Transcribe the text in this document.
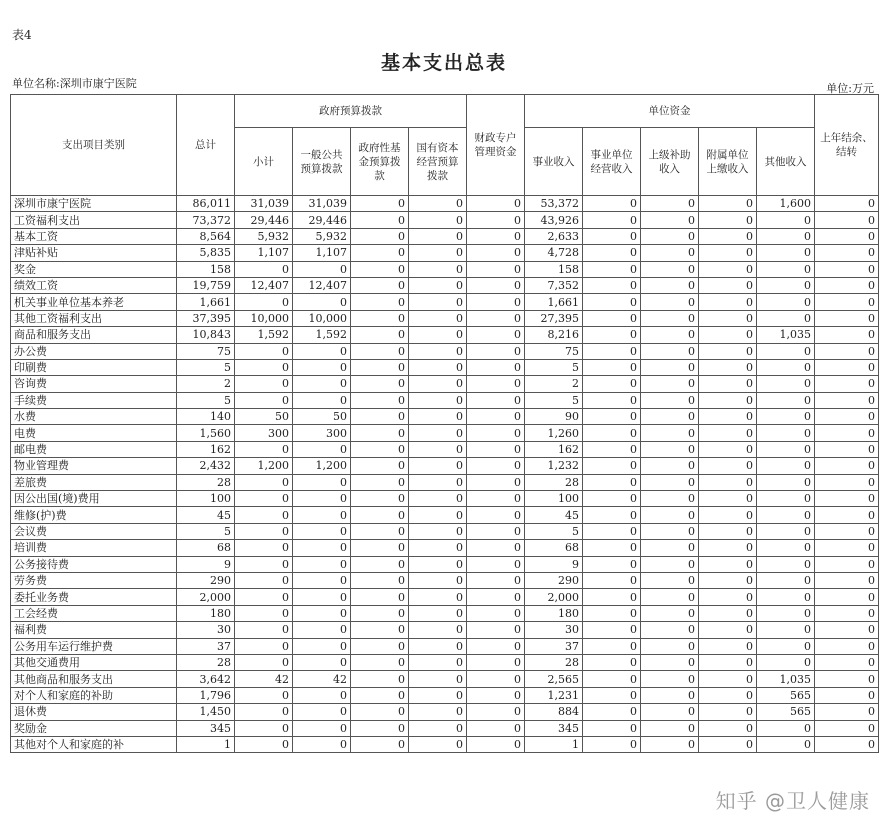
表4
基本支出总表
单位名称:深圳市康宁医院	单位:万元
支出项目类别	总计	政府预算拨款				财政专户管理资金	单位资金					上年结余、结转
		小计	一般公共预算拨款	政府性基金预算拨款	国有资本经营预算拨款		事业收入	事业单位经营收入	上级补助收入	附属单位上缴收入	其他收入	
深圳市康宁医院	86,011	31,039	31,039	0	0	0	53,372	0	0	0	1,600	0
工资福利支出	73,372	29,446	29,446	0	0	0	43,926	0	0	0	0	0
基本工资	8,564	5,932	5,932	0	0	0	2,633	0	0	0	0	0
津贴补贴	5,835	1,107	1,107	0	0	0	4,728	0	0	0	0	0
奖金	158	0	0	0	0	0	158	0	0	0	0	0
绩效工资	19,759	12,407	12,407	0	0	0	7,352	0	0	0	0	0
机关事业单位基本养老	1,661	0	0	0	0	0	1,661	0	0	0	0	0
其他工资福利支出	37,395	10,000	10,000	0	0	0	27,395	0	0	0	0	0
商品和服务支出	10,843	1,592	1,592	0	0	0	8,216	0	0	0	1,035	0
办公费	75	0	0	0	0	0	75	0	0	0	0	0
印刷费	5	0	0	0	0	0	5	0	0	0	0	0
咨询费	2	0	0	0	0	0	2	0	0	0	0	0
手续费	5	0	0	0	0	0	5	0	0	0	0	0
水费	140	50	50	0	0	0	90	0	0	0	0	0
电费	1,560	300	300	0	0	0	1,260	0	0	0	0	0
邮电费	162	0	0	0	0	0	162	0	0	0	0	0
物业管理费	2,432	1,200	1,200	0	0	0	1,232	0	0	0	0	0
差旅费	28	0	0	0	0	0	28	0	0	0	0	0
因公出国(境)费用	100	0	0	0	0	0	100	0	0	0	0	0
维修(护)费	45	0	0	0	0	0	45	0	0	0	0	0
会议费	5	0	0	0	0	0	5	0	0	0	0	0
培训费	68	0	0	0	0	0	68	0	0	0	0	0
公务接待费	9	0	0	0	0	0	9	0	0	0	0	0
劳务费	290	0	0	0	0	0	290	0	0	0	0	0
委托业务费	2,000	0	0	0	0	0	2,000	0	0	0	0	0
工会经费	180	0	0	0	0	0	180	0	0	0	0	0
福利费	30	0	0	0	0	0	30	0	0	0	0	0
公务用车运行维护费	37	0	0	0	0	0	37	0	0	0	0	0
其他交通费用	28	0	0	0	0	0	28	0	0	0	0	0
其他商品和服务支出	3,642	42	42	0	0	0	2,565	0	0	0	1,035	0
对个人和家庭的补助	1,796	0	0	0	0	0	1,231	0	0	0	565	0
退休费	1,450	0	0	0	0	0	884	0	0	0	565	0
奖励金	345	0	0	0	0	0	345	0	0	0	0	0
其他对个人和家庭的补	1	0	0	0	0	0	1	0	0	0	0	0
知乎 @卫人健康
